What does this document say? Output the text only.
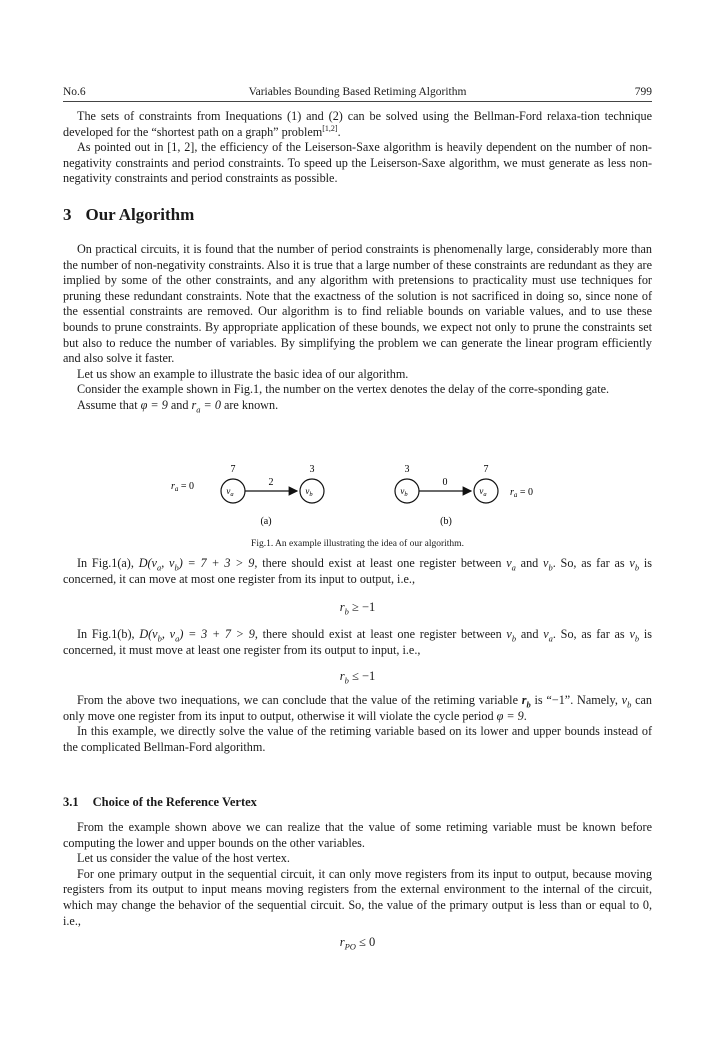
No.6	Variables Bounding Based Retiming Algorithm	799

The sets of constraints from Inequations (1) and (2) can be solved using the Bellman-Ford relaxa-tion technique developed for the “shortest path on a graph” problem[1,2].

As pointed out in [1, 2], the efficiency of the Leiserson-Saxe algorithm is heavily dependent on the number of non-negativity constraints and period constraints. To speed up the Leiserson-Saxe algorithm, we must generate as less non-negativity constraints and period constraints as possible.

3 Our Algorithm

On practical circuits, it is found that the number of period constraints is phenomenally large, considerably more than the number of non-negativity constraints. Also it is true that a large number of these constraints are redundant as they are implied by some of the other constraints, and any algorithm with pretensions to practicality must use techniques for pruning these redundant constraints. Note that the exactness of the solution is not sacrificed in doing so, since none of the essential constraints are removed. Our algorithm is to find reliable bounds on variable values, and to use these bounds to prune constraints. By appropriate application of these bounds, we expect not only to prune the constraints set but also to reduce the number of variables. By simplifying the problem we can generate the linear program efficiently and also solve it faster.

Let us show an example to illustrate the basic idea of our algorithm.

Consider the example shown in Fig.1, the number on the vertex denotes the delay of the corre-sponding gate.

Assume that φ = 9 and $r_a = 0$ are known.

$r_a = 0$
7
$v_a$
2
3
$v_b$
(a)
3
$v_b$
0
7
$v_a$ $r_a = 0$
(b)
Fig.1. An example illustrating the idea of our algorithm.

In Fig.1(a), $D(v_a$, $v_b) = 7 + 3 > 9$, there should exist at least one register between $v_a$ and $v_b$. So, as far as $v_b$ is concerned, it can move at most one register from its input to output, i.e.,

$r_b \ge -1$

In Fig.1(b), $D(v_b$, $v_a) = 3 + 7 > 9$, there should exist at least one register between $v_b$ and $v_a$. So, as far as $v_b$ is concerned, it must move at least one register from its output to input, i.e.,

$r_b \le -1$

From the above two inequations, we can conclude that the value of the retiming variable $r_b$ is “−1”. Namely, $v_b$ can only move one register from its input to output, otherwise it will violate the cycle period φ = 9.

In this example, we directly solve the value of the retiming variable based on its lower and upper bounds instead of the complicated Bellman-Ford algorithm.

3.1 Choice of the Reference Vertex

From the example shown above we can realize that the value of some retiming variable must be known before computing the lower and upper bounds on the other variables.

Let us consider the value of the host vertex.

For one primary output in the sequential circuit, it can only move registers from its input to output, because moving registers from its output to input means moving registers from the external environment to the internal of the circuit, which may change the behavior of the sequential circuit. So, the value of the primary output is less than or equal to 0, i.e.,

$r_{PO} \le 0$
